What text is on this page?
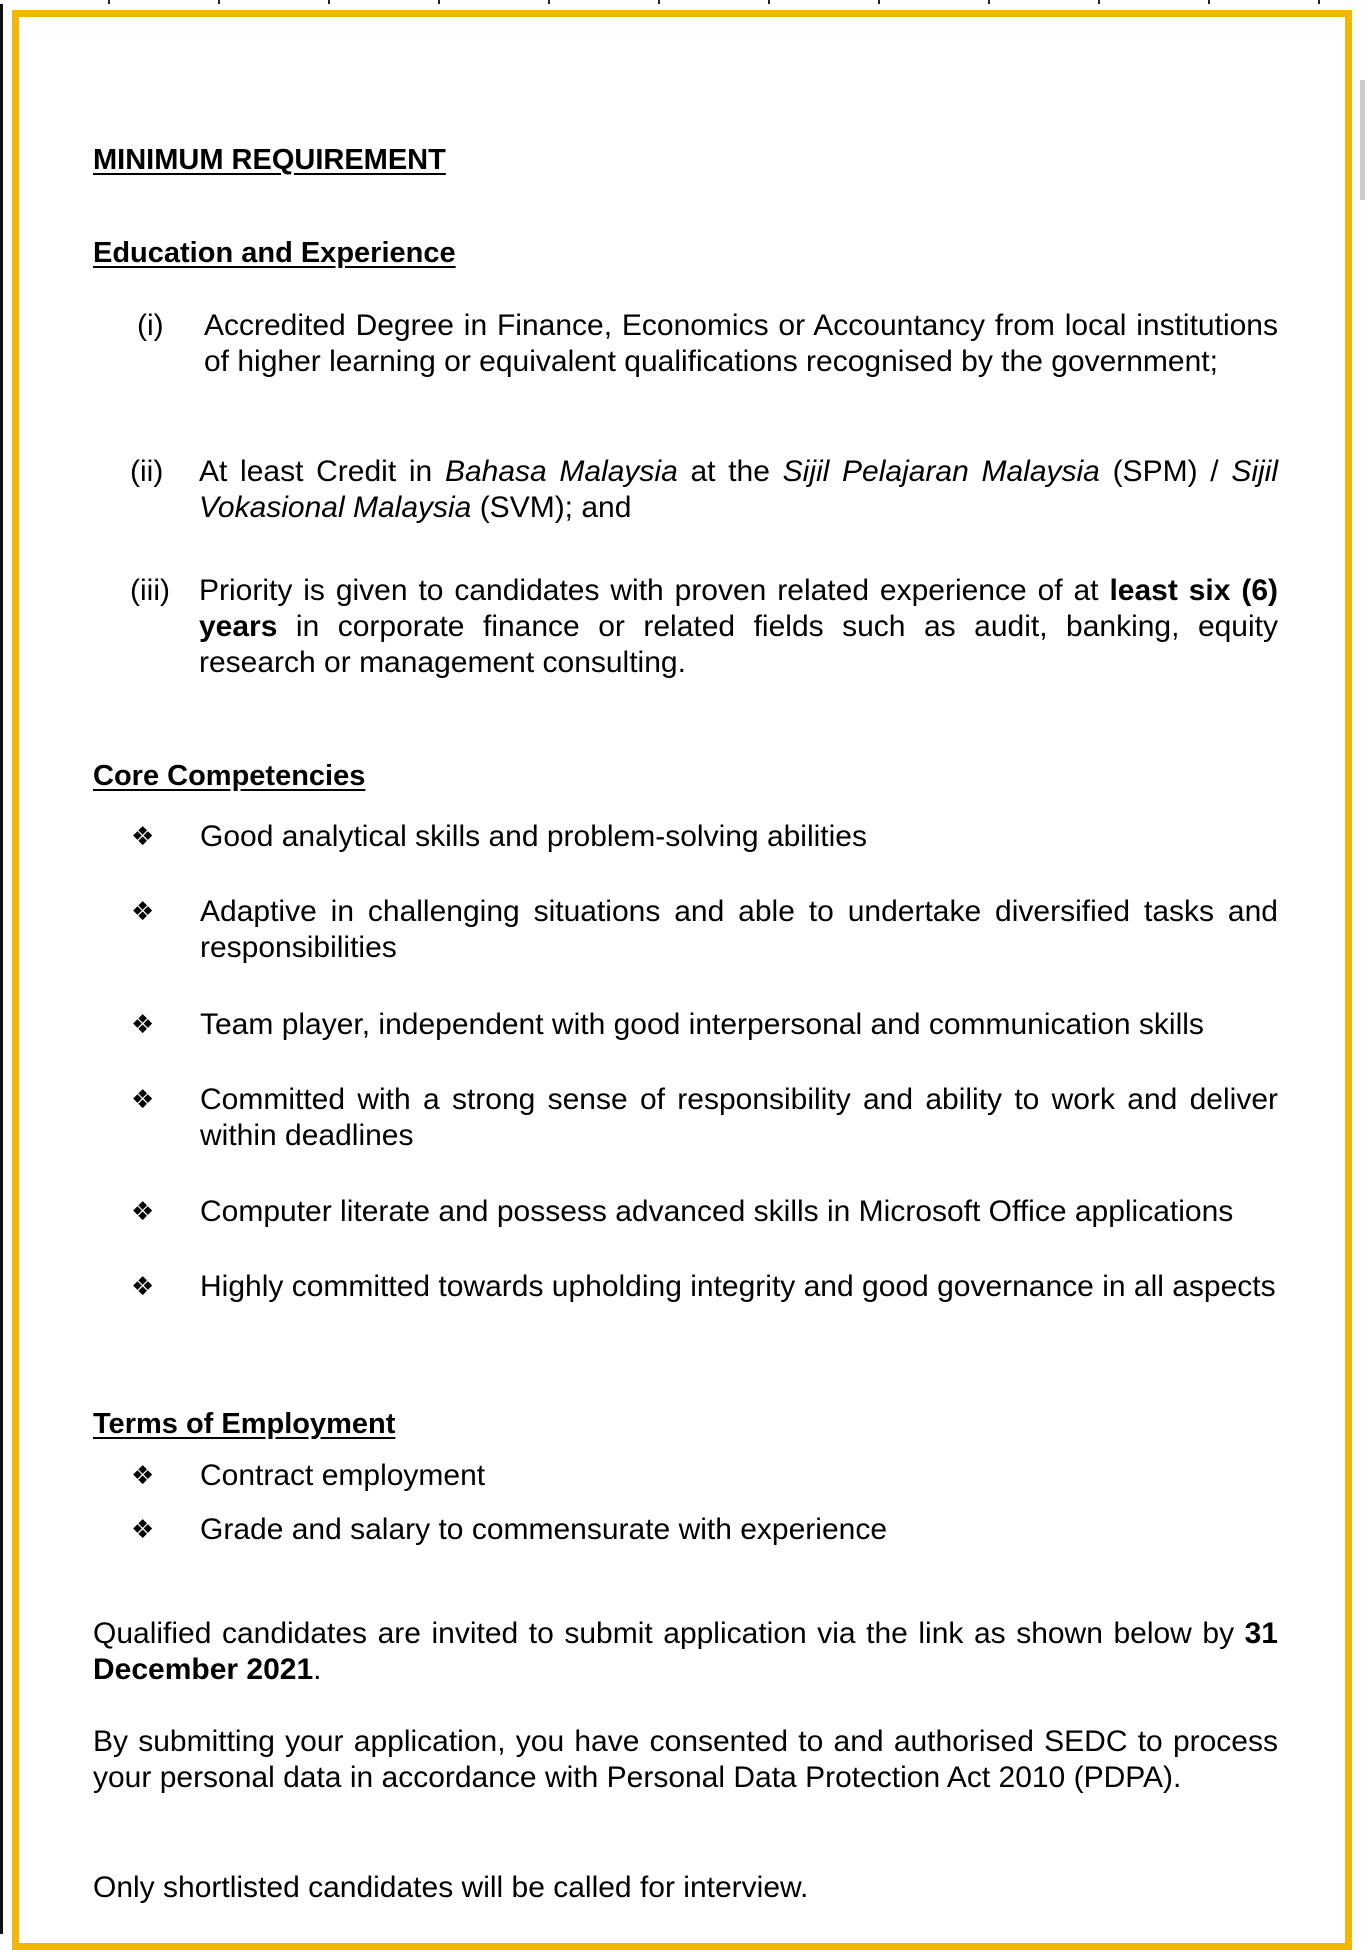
MINIMUM REQUIREMENT
Education and Experience
(i) Accredited Degree in Finance, Economics or Accountancy from local institutions of higher learning or equivalent qualifications recognised by the government;
(ii) At least Credit in Bahasa Malaysia at the Sijil Pelajaran Malaysia (SPM) / Sijil Vokasional Malaysia (SVM); and
(iii) Priority is given to candidates with proven related experience of at least six (6) years in corporate finance or related fields such as audit, banking, equity research or management consulting.
Core Competencies
❖ Good analytical skills and problem-solving abilities
❖ Adaptive in challenging situations and able to undertake diversified tasks and responsibilities
❖ Team player, independent with good interpersonal and communication skills
❖ Committed with a strong sense of responsibility and ability to work and deliver within deadlines
❖ Computer literate and possess advanced skills in Microsoft Office applications
❖ Highly committed towards upholding integrity and good governance in all aspects
Terms of Employment
❖ Contract employment
❖ Grade and salary to commensurate with experience
Qualified candidates are invited to submit application via the link as shown below by 31 December 2021.
By submitting your application, you have consented to and authorised SEDC to process your personal data in accordance with Personal Data Protection Act 2010 (PDPA).
Only shortlisted candidates will be called for interview.
